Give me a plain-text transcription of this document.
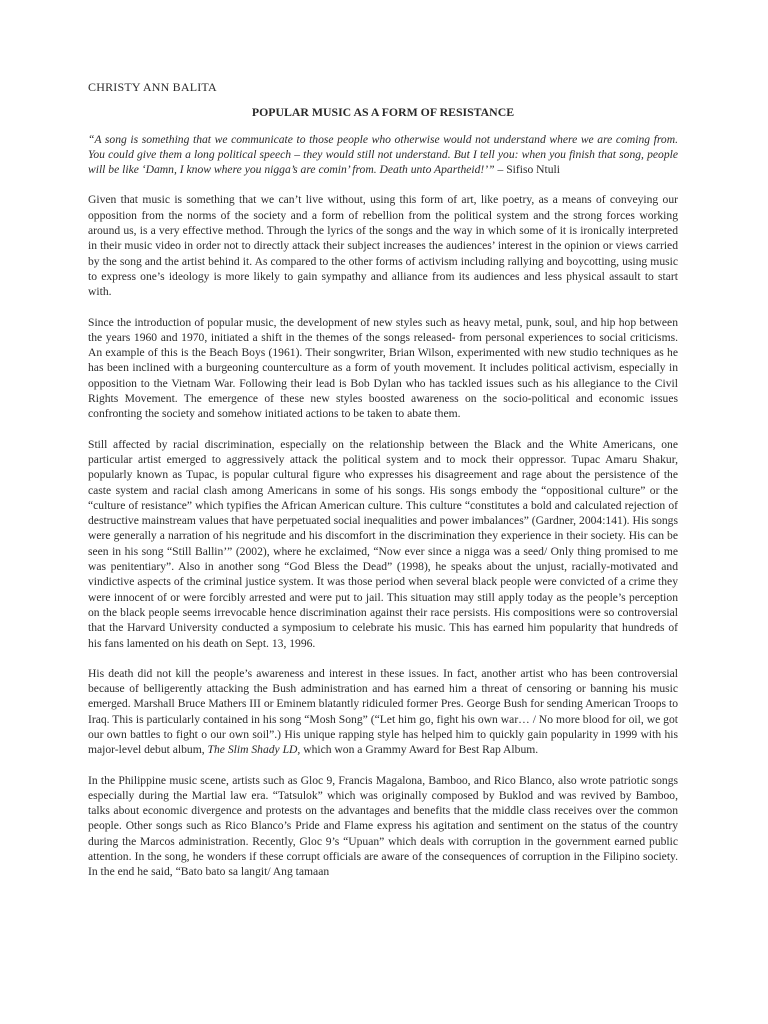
CHRISTY ANN BALITA
POPULAR MUSIC AS A FORM OF RESISTANCE
“A song is something that we communicate to those people who otherwise would not understand where we are coming from. You could give them a long political speech – they would still not understand. But I tell you: when you finish that song, people will be like ‘Damn, I know where you nigga’s are comin’ from. Death unto Apartheid!’” – Sifiso Ntuli

Given that music is something that we can’t live without, using this form of art, like poetry, as a means of conveying our opposition from the norms of the society and a form of rebellion from the political system and the strong forces working around us, is a very effective method. Through the lyrics of the songs and the way in which some of it is ironically interpreted in their music video in order not to directly attack their subject increases the audiences’ interest in the opinion or views carried by the song and the artist behind it. As compared to the other forms of activism including rallying and boycotting, using music to express one’s ideology is more likely to gain sympathy and alliance from its audiences and less physical assault to start with.

Since the introduction of popular music, the development of new styles such as heavy metal, punk, soul, and hip hop between the years 1960 and 1970, initiated a shift in the themes of the songs released- from personal experiences to social criticisms. An example of this is the Beach Boys (1961). Their songwriter, Brian Wilson, experimented with new studio techniques as he has been inclined with a burgeoning counterculture as a form of youth movement. It includes political activism, especially in opposition to the Vietnam War. Following their lead is Bob Dylan who has tackled issues such as his allegiance to the Civil Rights Movement. The emergence of these new styles boosted awareness on the socio-political and economic issues confronting the society and somehow initiated actions to be taken to abate them.

Still affected by racial discrimination, especially on the relationship between the Black and the White Americans, one particular artist emerged to aggressively attack the political system and to mock their oppressor. Tupac Amaru Shakur, popularly known as Tupac, is popular cultural figure who expresses his disagreement and rage about the persistence of the caste system and racial clash among Americans in some of his songs. His songs embody the “oppositional culture” or the “culture of resistance” which typifies the African American culture. This culture “constitutes a bold and calculated rejection of destructive mainstream values that have perpetuated social inequalities and power imbalances” (Gardner, 2004:141). His songs were generally a narration of his negritude and his discomfort in the discrimination they experience in their society. His can be seen in his song “Still Ballin’” (2002), where he exclaimed, “Now ever since a nigga was a seed/ Only thing promised to me was penitentiary”. Also in another song “God Bless the Dead” (1998), he speaks about the unjust, racially-motivated and vindictive aspects of the criminal justice system. It was those period when several black people were convicted of a crime they were innocent of or were forcibly arrested and were put to jail. This situation may still apply today as the people’s perception on the black people seems irrevocable hence discrimination against their race persists. His compositions were so controversial that the Harvard University conducted a symposium to celebrate his music. This has earned him popularity that hundreds of his fans lamented on his death on Sept. 13, 1996.

His death did not kill the people’s awareness and interest in these issues. In fact, another artist who has been controversial because of belligerently attacking the Bush administration and has earned him a threat of censoring or banning his music emerged. Marshall Bruce Mathers III or Eminem blatantly ridiculed former Pres. George Bush for sending American Troops to Iraq. This is particularly contained in his song “Mosh Song” (“Let him go, fight his own war… / No more blood for oil, we got our own battles to fight o our own soil”.) His unique rapping style has helped him to quickly gain popularity in 1999 with his major-level debut album, The Slim Shady LD, which won a Grammy Award for Best Rap Album.

In the Philippine music scene, artists such as Gloc 9, Francis Magalona, Bamboo, and Rico Blanco, also wrote patriotic songs especially during the Martial law era. “Tatsulok” which was originally composed by Buklod and was revived by Bamboo, talks about economic divergence and protests on the advantages and benefits that the middle class receives over the common people. Other songs such as Rico Blanco’s Pride and Flame express his agitation and sentiment on the status of the country during the Marcos administration. Recently, Gloc 9’s “Upuan” which deals with corruption in the government earned public attention. In the song, he wonders if these corrupt officials are aware of the consequences of corruption in the Filipino society. In the end he said, “Bato bato sa langit/ Ang tamaan
